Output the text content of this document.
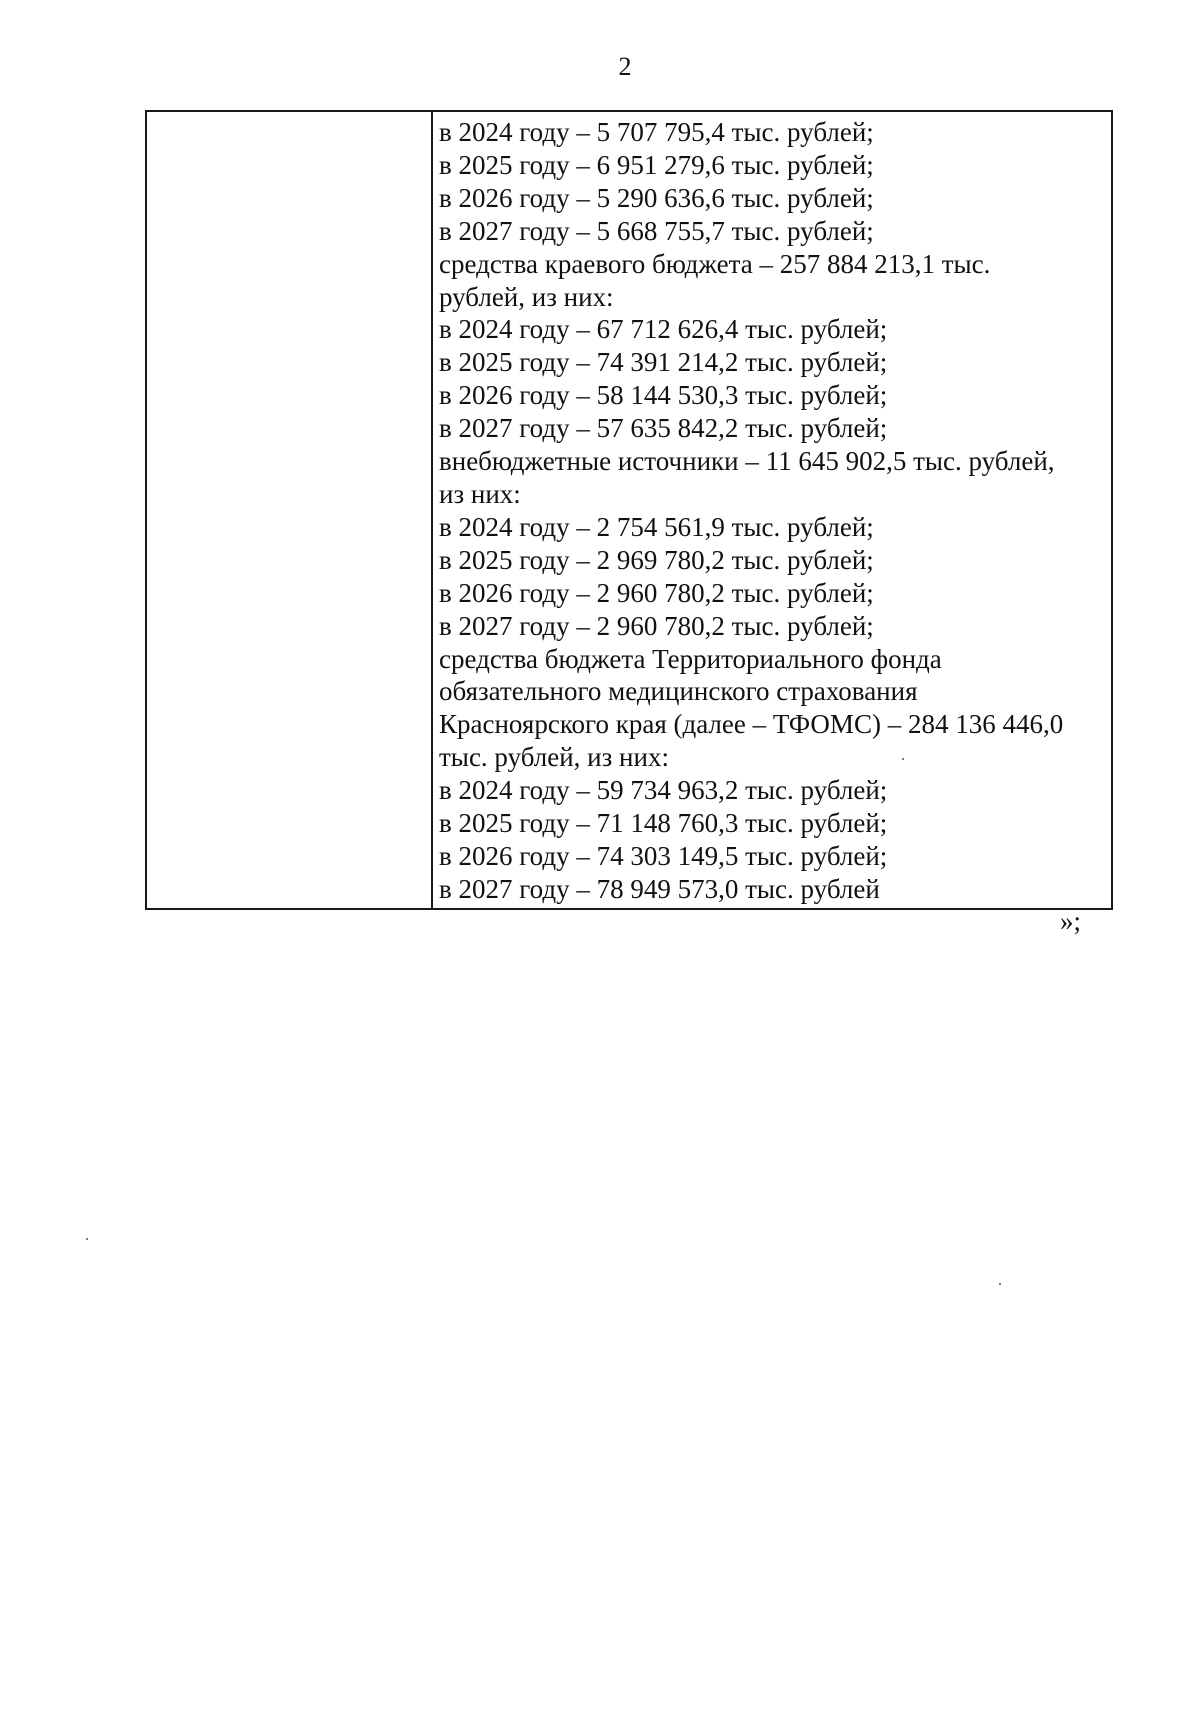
2
в 2024 году – 5 707 795,4 тыс. рублей;
в 2025 году – 6 951 279,6 тыс. рублей;
в 2026 году – 5 290 636,6 тыс. рублей;
в 2027 году – 5 668 755,7 тыс. рублей;
средства краевого бюджета – 257 884 213,1 тыс.
рублей, из них:
в 2024 году – 67 712 626,4 тыс. рублей;
в 2025 году – 74 391 214,2 тыс. рублей;
в 2026 году – 58 144 530,3 тыс. рублей;
в 2027 году – 57 635 842,2 тыс. рублей;
внебюджетные источники – 11 645 902,5 тыс. рублей,
из них:
в 2024 году – 2 754 561,9 тыс. рублей;
в 2025 году – 2 969 780,2 тыс. рублей;
в 2026 году – 2 960 780,2 тыс. рублей;
в 2027 году – 2 960 780,2 тыс. рублей;
средства бюджета Территориального фонда
обязательного медицинского страхования
Красноярского края (далее – ТФОМС) – 284 136 446,0
тыс. рублей, из них:
в 2024 году – 59 734 963,2 тыс. рублей;
в 2025 году – 71 148 760,3 тыс. рублей;
в 2026 году – 74 303 149,5 тыс. рублей;
в 2027 году – 78 949 573,0 тыс. рублей
»;
